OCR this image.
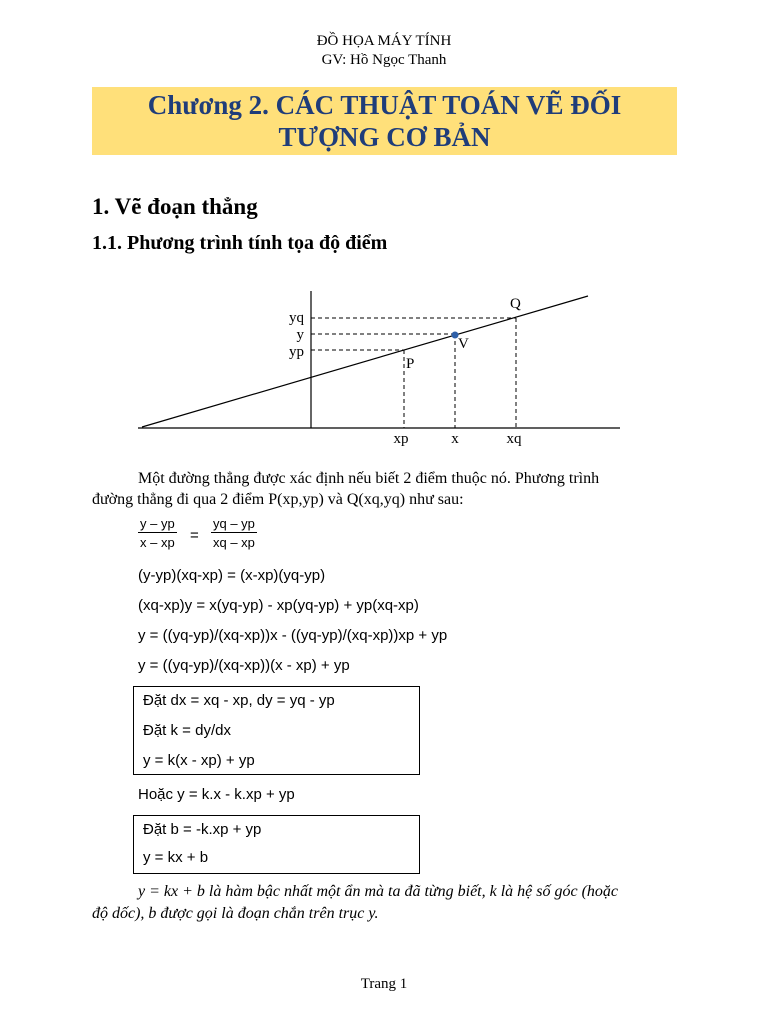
ĐỒ HỌA MÁY TÍNH
GV: Hồ Ngọc Thanh
Chương 2. CÁC THUẬT TOÁN VẼ ĐỐI
TƯỢNG CƠ BẢN
1. Vẽ đoạn thẳng
1.1. Phương trình tính tọa độ điểm
yq
y
yp
xp	x	xq
P
V
Q
Một đường thẳng được xác định nếu biết 2 điểm thuộc nó. Phương trình
đường thẳng đi qua 2 điểm P(xp,yp) và Q(xq,yq) như sau:
$\frac{y - yp}{x - xp} = \frac{yq - yp}{xq - xp}$
(y-yp)(xq-xp) = (x-xp)(yq-yp)
(xq-xp)y = x(yq-yp) - xp(yq-yp) + yp(xq-xp)
y = ((yq-yp)/(xq-xp))x - ((yq-yp)/(xq-xp))xp + yp
y = ((yq-yp)/(xq-xp))(x - xp) + yp
Đặt dx = xq - xp, dy = yq - yp
Đặt k = dy/dx
y = k(x - xp) + yp
Hoặc y = k.x - k.xp + yp
Đặt b = -k.xp + yp
y = kx + b
y = kx + b là hàm bậc nhất một ẩn mà ta đã từng biết, k là hệ số góc (hoặc
độ dốc), b được gọi là đoạn chắn trên trục y.
Trang 1
